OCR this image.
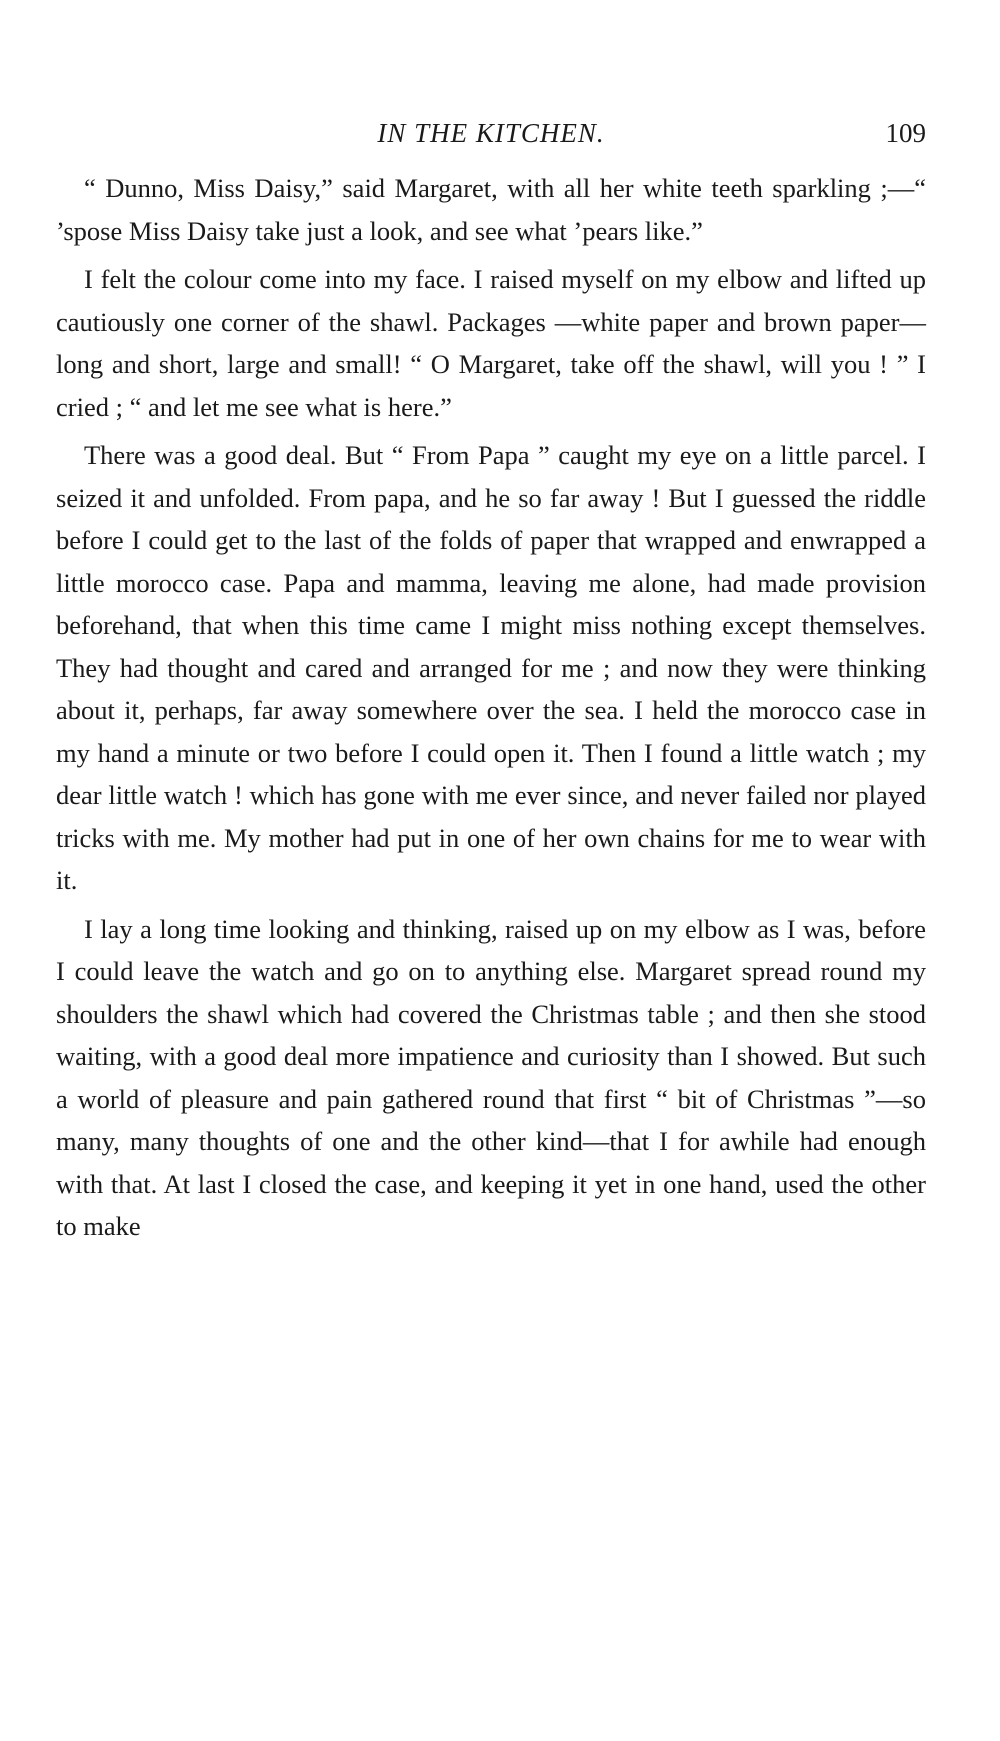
IN THE KITCHEN.	109

“ Dunno, Miss Daisy,” said Margaret, with all her white teeth sparkling ;—“ ’spose Miss Daisy take just a look, and see what ’pears like.”

I felt the colour come into my face. I raised myself on my elbow and lifted up cautiously one corner of the shawl. Packages —white paper and brown paper—long and short, large and small! “ O Margaret, take off the shawl, will you ! ” I cried ; “ and let me see what is here.”

There was a good deal. But “ From Papa ” caught my eye on a little parcel. I seized it and unfolded. From papa, and he so far away ! But I guessed the riddle before I could get to the last of the folds of paper that wrapped and enwrapped a little morocco case. Papa and mamma, leaving me alone, had made provision beforehand, that when this time came I might miss nothing except themselves. They had thought and cared and arranged for me ; and now they were thinking about it, perhaps, far away somewhere over the sea. I held the morocco case in my hand a minute or two before I could open it. Then I found a little watch ; my dear little watch ! which has gone with me ever since, and never failed nor played tricks with me. My mother had put in one of her own chains for me to wear with it.

I lay a long time looking and thinking, raised up on my elbow as I was, before I could leave the watch and go on to anything else. Margaret spread round my shoulders the shawl which had covered the Christmas table ; and then she stood waiting, with a good deal more impatience and curiosity than I showed. But such a world of pleasure and pain gathered round that first “ bit of Christmas ”—so many, many thoughts of one and the other kind—that I for awhile had enough with that. At last I closed the case, and keeping it yet in one hand, used the other to make
